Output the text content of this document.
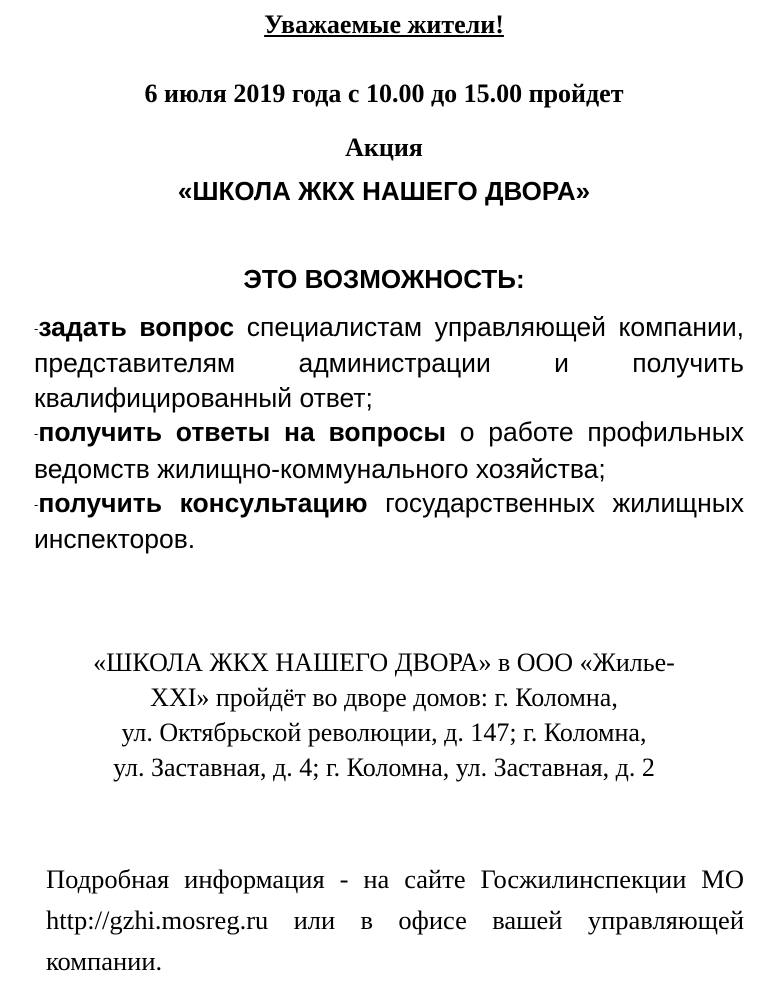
Уважаемые жители!
6 июля 2019 года с 10.00 до 15.00 пройдет
Акция
«ШКОЛА ЖКХ НАШЕГО ДВОРА»
ЭТО ВОЗМОЖНОСТЬ:

-задать вопрос специалистам управляющей компании, представителям администрации и получить квалифицированный ответ;

-получить ответы на вопросы о работе профильных ведомств жилищно-коммунального хозяйства;

-получить консультацию государственных жилищных инспекторов.

«ШКОЛА ЖКХ НАШЕГО ДВОРА» в ООО «Жилье-
XXI» пройдёт во дворе домов: г. Коломна,
ул. Октябрьской революции, д. 147; г. Коломна,
ул. Заставная, д. 4; г. Коломна, ул. Заставная, д. 2

Подробная информация - на сайте Госжилинспекции МО http://gzhi.mosreg.ru или в офисе вашей управляющей компании.
